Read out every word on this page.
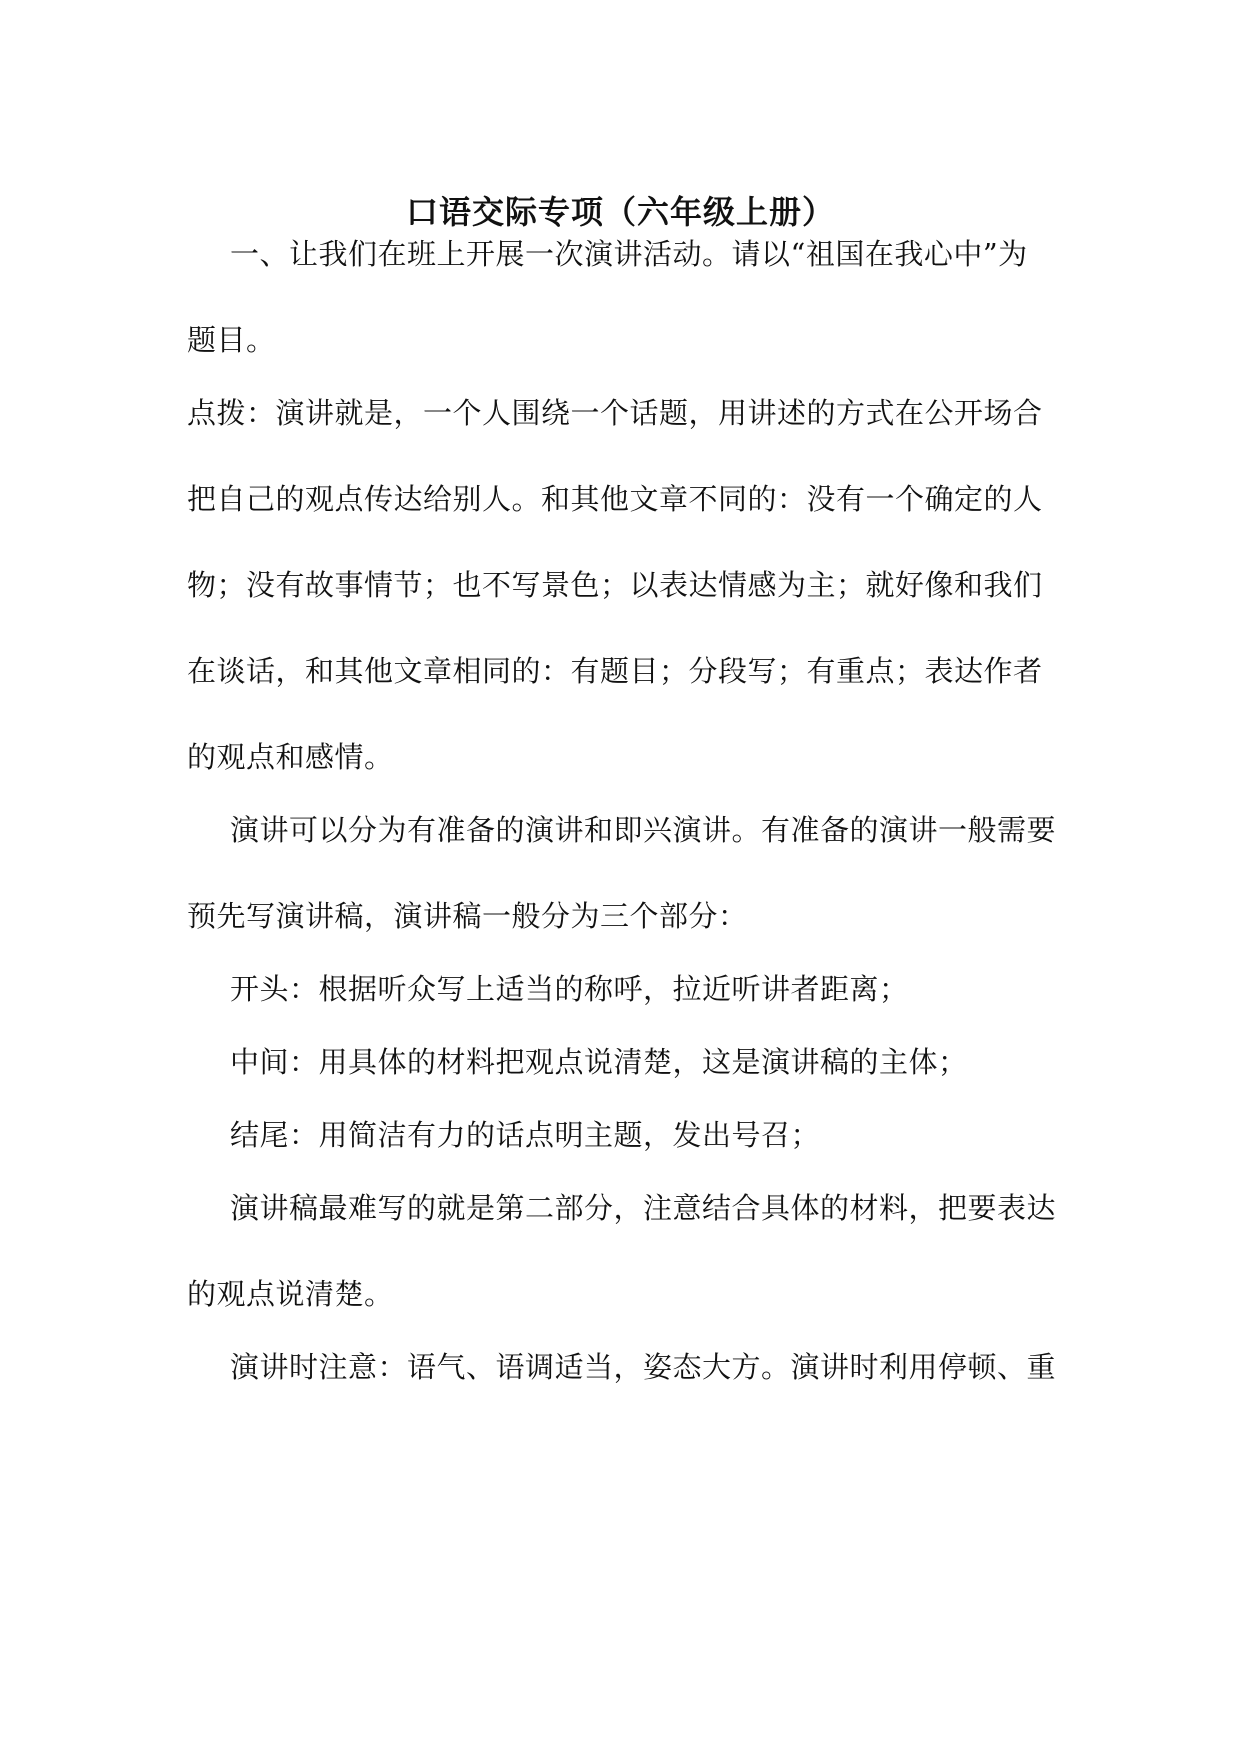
口语交际专项（六年级上册）
一、让我们在班上开展一次演讲活动。请以“祖国在我心中”为
题目。
点拨：演讲就是，一个人围绕一个话题，用讲述的方式在公开场合
把自己的观点传达给别人。和其他文章不同的：没有一个确定的人
物；没有故事情节；也不写景色；以表达情感为主；就好像和我们
在谈话，和其他文章相同的：有题目；分段写；有重点；表达作者
的观点和感情。
演讲可以分为有准备的演讲和即兴演讲。有准备的演讲一般需要
预先写演讲稿，演讲稿一般分为三个部分：
开头：根据听众写上适当的称呼，拉近听讲者距离；
中间：用具体的材料把观点说清楚，这是演讲稿的主体；
结尾：用简洁有力的话点明主题，发出号召；
演讲稿最难写的就是第二部分，注意结合具体的材料，把要表达
的观点说清楚。
演讲时注意：语气、语调适当，姿态大方。演讲时利用停顿、重
